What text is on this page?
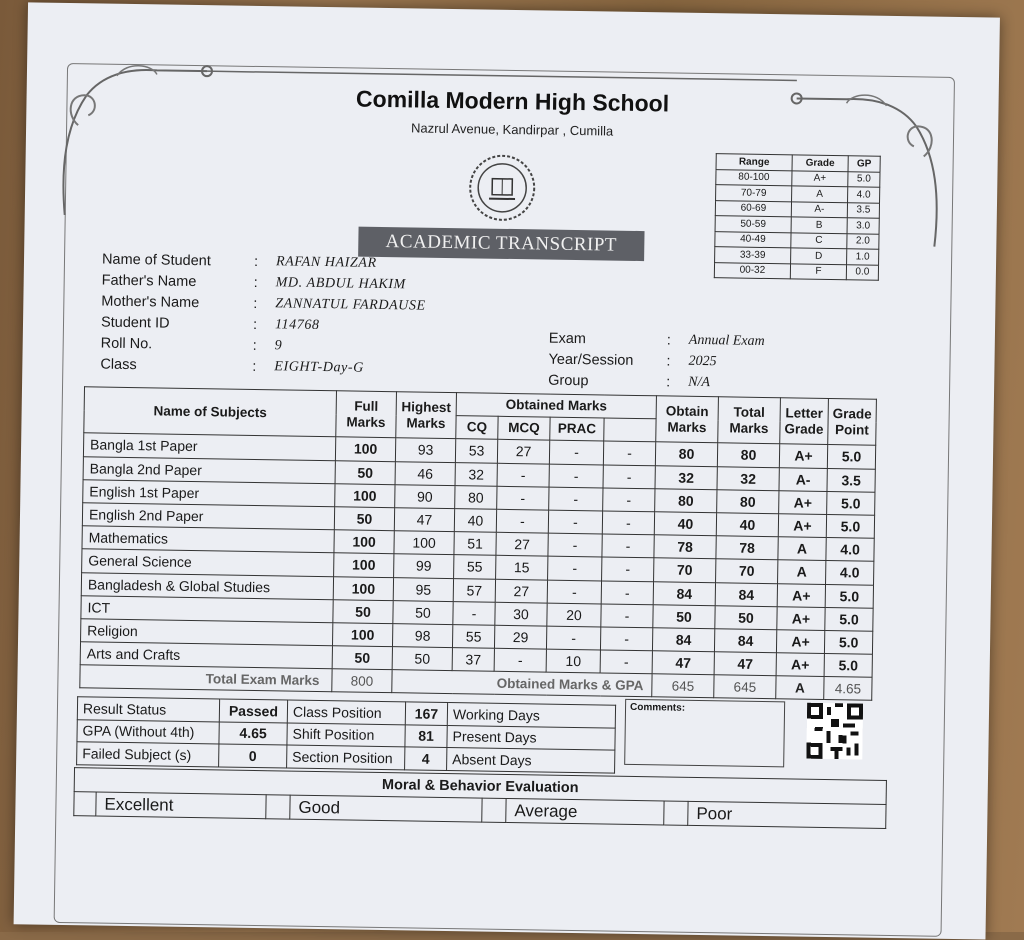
Comilla Modern High School
Nazrul Avenue, Kandirpar , Cumilla
ACADEMIC TRANSCRIPT
Range	Grade	GP
80-100	A+	5.0
70-79	A	4.0
60-69	A-	3.5
50-59	B	3.0
40-49	C	2.0
33-39	D	1.0
00-32	F	0.0
Name of Student	: RAFAN HAIZAR
Father's Name	: MD. ABDUL HAKIM
Mother's Name	: ZANNATUL FARDAUSE
Student ID	: 114768
Roll No.	: 9
Class	: EIGHT-Day-G
Exam	: Annual Exam
Year/Session : 2025
Group	: N/A
Name of Subjects	Full Marks	Highest Marks	Obtained Marks				Obtain Marks	Total Marks	Letter Grade	Grade Point
			CQ	MCQ	PRAC					
Bangla 1st Paper	100	93	53	27	-	-	80	80	A+	5.0
Bangla 2nd Paper	50	46	32	-	-	-	32	32	A-	3.5
English 1st Paper	100	90	80	-	-	-	80	80	A+	5.0
English 2nd Paper	50	47	40	-	-	-	40	40	A+	5.0
Mathematics	100	100	51	27	-	-	78	78	A	4.0
General Science	100	99	55	15	-	-	70	70	A	4.0
Bangladesh & Global Studies	100	95	57	27	-	-	84	84	A+	5.0
ICT	50	50	-	30	20	-	50	50	A+	5.0
Religion	100	98	55	29	-	-	84	84	A+	5.0
Arts and Crafts	50	50	37	-	10	-	47	47	A+	5.0
Total Exam Marks	800	Obtained Marks & GPA					645	645	A	4.65
Result Status	Passed	Class Position	167	Working Days
GPA (Without 4th)	4.65	Shift Position	81	Present Days
Failed Subject (s)	0	Section Position	4	Absent Days
Comments:
Moral & Behavior Evaluation
	Excellent		Good		Average		Poor
